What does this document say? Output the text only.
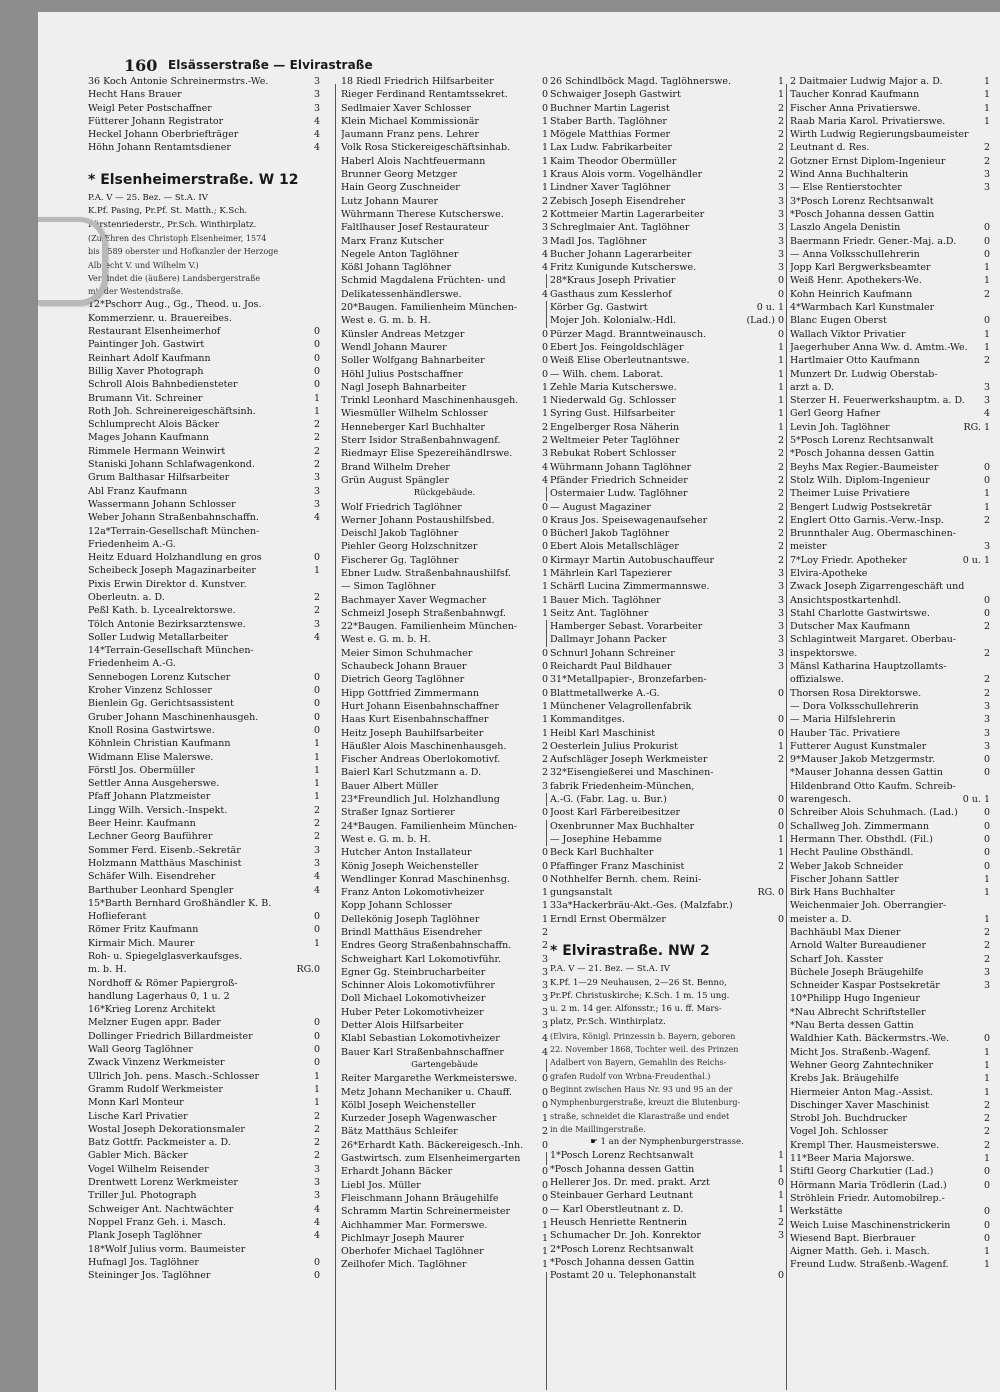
160 Elsässerstraße — Elvirastraße
36 Koch Antonie Schreinermstrs.-We.	3
Hecht Hans Brauer	3
Weigl Peter Postschaffner	3
Fütterer Johann Registrator	4
Heckel Johann Oberbriefträger	4
Höhn Johann Rentamtsdiener	4
* Elsenheimerstraße. W 12
P.A. V — 25. Bez. — St.A. IV
K.Pf. Pasing, Pr.Pf. St. Matth.; K.Sch.
Fürstenriederstr., Pr.Sch. Winthirplatz.
(Zu Ehren des Christoph Elsenheimer, 1574
bis 1589 oberster und Hofkanzler der Herzoge
Albrecht V. und Wilhelm V.)
Verbindet die (äußere) Landsbergerstraße
mit der Westendstraße.
12*Pschorr Aug., Gg., Theod. u. Jos.
Kommerzienr. u. Brauereibes.
Restaurant Elsenheimerhof	0
Paintinger Joh. Gastwirt	0
Reinhart Adolf Kaufmann	0
Billig Xaver Photograph	0
Schroll Alois Bahnbediensteter	0
Brumann Vit. Schreiner	1
Roth Joh. Schreinereigeschäftsinh.	1
Schlumprecht Alois Bäcker	2
Mages Johann Kaufmann	2
Rimmele Hermann Weinwirt	2
Staniski Johann Schlafwagenkond.	2
Grum Balthasar Hilfsarbeiter	3
Abl Franz Kaufmann	3
Wassermann Johann Schlosser	3
Weber Johann Straßenbahnschaffn.	4
12a*Terrain-Gesellschaft München-
Friedenheim A.-G.
Heitz Eduard Holzhandlung en gros	0
Scheibeck Joseph Magazinarbeiter	1
Pixis Erwin Direktor d. Kunstver.
Oberleutn. a. D.	2
Peßl Kath. b. Lycealrektorswe.	2
Tölch Antonie Bezirksarztenswe.	3
Soller Ludwig Metallarbeiter	4
14*Terrain-Gesellschaft München-
Friedenheim A.-G.
Sennebogen Lorenz Kutscher	0
Kroher Vinzenz Schlosser	0
Bienlein Gg. Gerichtsassistent	0
Gruber Johann Maschinenhausgeh.	0
Knoll Rosina Gastwirtswe.	0
Köhnlein Christian Kaufmann	1
Widmann Elise Malerswe.	1
Förstl Jos. Obermüller	1
Settler Anna Ausgeherswe.	1
Pfaff Johann Platzmeister	1
Lingg Wilh. Versich.-Inspekt.	2
Beer Heinr. Kaufmann	2
Lechner Georg Bauführer	2
Sommer Ferd. Eisenb.-Sekretär	3
Holzmann Matthäus Maschinist	3
Schäfer Wilh. Eisendreher	4
Barthuber Leonhard Spengler	4
15*Barth Bernhard Großhändler K. B.
Hoflieferant	0
Römer Fritz Kaufmann	0
Kirmair Mich. Maurer	1
Roh- u. Spiegelglasverkaufsges.
m. b. H.	RG.0
Nordhoff & Römer Papiergroß-
handlung Lagerhaus 0, 1 u. 2
16*Krieg Lorenz Architekt
Melzner Eugen appr. Bader	0
Dollinger Friedrich Billardmeister	0
Wall Georg Taglöhner	0
Zwack Vinzenz Werkmeister	0
Ullrich Joh. pens. Masch.-Schlosser	1
Gramm Rudolf Werkmeister	1
Monn Karl Monteur	1
Lische Karl Privatier	2
Wostal Joseph Dekorationsmaler	2
Batz Gottfr. Packmeister a. D.	2
Gabler Mich. Bäcker	2
Vogel Wilhelm Reisender	3
Drentwett Lorenz Werkmeister	3
Triller Jul. Photograph	3
Schweiger Ant. Nachtwächter	4
Noppel Franz Geh. i. Masch.	4
Plank Joseph Taglöhner	4
18*Wolf Julius vorm. Baumeister
Hufnagl Jos. Taglöhner	0
Steininger Jos. Taglöhner	0
18 Riedl Friedrich Hilfsarbeiter	0
Rieger Ferdinand Rentamtssekret.	0
Sedlmaier Xaver Schlosser	0
Klein Michael Kommissionär	1
Jaumann Franz pens. Lehrer	1
Volk Rosa Stickereigeschäftsinhab.	1
Haberl Alois Nachtfeuermann	1
Brunner Georg Metzger	1
Hain Georg Zuschneider	1
Lutz Johann Maurer	2
Wührmann Therese Kutscherswe.	2
Faltlhauser Josef Restaurateur	3
Marx Franz Kutscher	3
Negele Anton Taglöhner	4
Kößl Johann Taglöhner	4
Schmid Magdalena Früchten- und
Delikatessenhändlerswe.	4
20*Baugen. Familienheim München-
West e. G. m. b. H.
Künsler Andreas Metzger	0
Wendl Johann Maurer	0
Soller Wolfgang Bahnarbeiter	0
Höhl Julius Postschaffner	0
Nagl Joseph Bahnarbeiter	1
Trinkl Leonhard Maschinenhausgeh. 1
Wiesmüller Wilhelm Schlosser	1
Henneberger Karl Buchhalter	2
Sterr Isidor Straßenbahnwagenf.	2
Riedmayr Elise Spezereihändlrswe.	3
Brand Wilhelm Dreher	4
Grün August Spängler	4
Rückgebäude.
Wolf Friedrich Taglöhner	0
Werner Johann Postaushilfsbed.	0
Deischl Jakob Taglöhner	0
Piehler Georg Holzschnitzer	0
Fischerer Gg. Taglöhner	0
Ebner Ludw. Straßenbahnaushilfsf.	1
— Simon Taglöhner	1
Bachmayer Xaver Wegmacher	1
Schmeizl Joseph Straßenbahnwgf.	1
22*Baugen. Familienheim München-
West e. G. m. b. H.
Meier Simon Schuhmacher	0
Schaubeck Johann Brauer	0
Dietrich Georg Taglöhner	0
Hipp Gottfried Zimmermann	0
Hurt Johann Eisenbahnschaffner	1
Haas Kurt Eisenbahnschaffner	1
Heitz Joseph Bauhilfsarbeiter	1
Häußler Alois Maschinenhausgeh.	2
Fischer Andreas Oberlokomotivf.	2
Baierl Karl Schutzmann a. D.	2
Bauer Albert Müller	3
23*Freundlich Jul. Holzhandlung
Straßer Ignaz Sortierer	0
24*Baugen. Familienheim München-
West e. G. m. b. H.
Hutcher Anton Installateur	0
König Joseph Weichensteller	0
Wendlinger Konrad Maschinenhsg.	0
Franz Anton Lokomotivheizer	1
Kopp Johann Schlosser	1
Dellekönig Joseph Taglöhner	1
Brindl Matthäus Eisendreher	2
Endres Georg Straßenbahnschaffn.	2
Schweighart Karl Lokomotivführ.	3
Egner Gg. Steinbrucharbeiter	3
Schinner Alois Lokomotivführer	3
Doll Michael Lokomotivheizer	3
Huber Peter Lokomotivheizer	3
Detter Alois Hilfsarbeiter	3
Klabl Sebastian Lokomotivheizer	4
Bauer Karl Straßenbahnschaffner	4
Gartengebäude
Reiter Margarethe Werkmeisterswe.	0
Metz Johann Mechaniker u. Chauff.	0
Kölbl Joseph Weichensteller	0
Kurzeder Joseph Wagenwascher	1
Bätz Matthäus Schleifer	2
26*Erhardt Kath. Bäckereigesch.-Inh. 0
Gastwirtsch. zum Elsenheimergarten
Erhardt Johann Bäcker	0
Liebl Jos. Müller	0
Fleischmann Johann Bräugehilfe	0
Schramm Martin Schreinermeister	0
Aichhammer Mar. Formerswe.	1
Pichlmayr Joseph Maurer	1
Oberhofer Michael Taglöhner	1
Zeilhofer Mich. Taglöhner	1
26 Schindlböck Magd. Taglöhnerswe.	1
Schwaiger Joseph Gastwirt	1
Buchner Martin Lagerist	2
Staber Barth. Taglöhner	2
Mögele Matthias Former	2
Lax Ludw. Fabrikarbeiter	2
Kaim Theodor Obermüller	2
Kraus Alois vorm. Vogelhändler	2
Lindner Xaver Taglöhner	3
Zebisch Joseph Eisendreher	3
Kottmeier Martin Lagerarbeiter	3
Schreglmaier Ant. Taglöhner	3
Madl Jos. Taglöhner	3
Bucher Johann Lagerarbeiter	3
Fritz Kunigunde Kutscherswe.	3
28*Kraus Joseph Privatier	0
Gasthaus zum Kesslerhof	0
Körber Gg. Gastwirt	0 u. 1
Mojer Joh. Kolonialw.-Hdl.	(Lad.) 0
Pürzer Magd. Branntweinausch.	0
Ebert Jos. Feingoldschläger	1
Weiß Elise Oberleutnantswe.	1
— Wilh. chem. Laborat.	1
Zehle Maria Kutscherswe.	1
Niederwald Gg. Schlosser	1
Syring Gust. Hilfsarbeiter	1
Engelberger Rosa Näherin	1
Weltmeier Peter Taglöhner	2
Rebukat Robert Schlosser	2
Wührmann Johann Taglöhner	2
Pfänder Friedrich Schneider	2
Ostermaier Ludw. Taglöhner	2
— August Magaziner	2
Kraus Jos. Speisewagenaufseher	2
Bücherl Jakob Taglöhner	2
Ebert Alois Metallschläger	2
Kirmayr Martin Autobuschauffeur	2
Mährlein Karl Tapezierer	3
Schärfl Lucina Zimmermannswe.	3
Bauer Mich. Taglöhner	3
Seitz Ant. Taglöhner	3
Hamberger Sebast. Vorarbeiter	3
Dallmayr Johann Packer	3
Schnurl Johann Schreiner	3
Reichardt Paul Bildhauer	3
31*Metallpapier-, Bronzefarben-
Blattmetallwerke A.-G.	0
Münchener Velagrollenfabrik
Kommanditges.	0
Heibl Karl Maschinist	0
Oesterlein Julius Prokurist	1
Aufschläger Joseph Werkmeister	2
32*Eisengießerei und Maschinen-
fabrik Friedenheim-München,
A.-G. (Fabr. Lag. u. Bur.)	0
Joost Karl Färbereibesitzer	0
Oxenbrunner Max Buchhalter	0
— Josephine Hebamme	1
Beck Karl Buchhalter	1
Pfaffinger Franz Maschinist	2
Nothhelfer Bernh. chem. Reini-
gungsanstalt	RG. 0
33a*Hackerbräu-Akt.-Ges. (Malzfabr.)
Erndl Ernst Obermälzer	0
* Elvirastraße. NW 2
P.A. V — 21. Bez. — St.A. IV
K.Pf. 1—29 Neuhausen, 2—26 St. Benno,
Pr.Pf. Christuskirche; K.Sch. 1 m. 15 ung.
u. 2 m. 14 ger. Alfonsstr.; 16 u. ff. Mars-
platz, Pr.Sch. Winthirplatz.
(Elvira, Königl. Prinzessin b. Bayern, geboren
22. November 1868, Tochter weil. des Prinzen
Adalbert von Bayern, Gemahlin des Reichs-
grafen Rudolf von Wrbna-Freudenthal.)
Beginnt zwischen Haus Nr. 93 und 95 an der
Nymphenburgerstraße, kreuzt die Blutenburg-
straße, schneidet die Klarastraße und endet
in die Maillingerstraße.
☛ 1 an der Nymphenburgerstrasse.
1*Posch Lorenz Rechtsanwalt	1
*Posch Johanna dessen Gattin	1
Hellerer Jos. Dr. med. prakt. Arzt	0
Steinbauer Gerhard Leutnant	1
— Karl Oberstleutnant z. D.	1
Heusch Henriette Rentnerin	2
Schumacher Dr. Joh. Konrektor	3
2*Posch Lorenz Rechtsanwalt
*Posch Johanna dessen Gattin
Postamt 20 u. Telephonanstalt	0
2 Daitmaier Ludwig Major a. D.	1
Taucher Konrad Kaufmann	1
Fischer Anna Privatierswe.	1
Raab Maria Karol. Privatierswe.	1
Wirth Ludwig Regierungsbaumeister
Leutnant d. Res.	2
Gotzner Ernst Diplom-Ingenieur	2
Wind Anna Buchhalterin	3
— Else Rentierstochter	3
3*Posch Lorenz Rechtsanwalt
*Posch Johanna dessen Gattin
Laszlo Angela Denistin	0
Baermann Friedr. Gener.-Maj. a.D.	0
— Anna Volksschullehrerin	0
Jopp Karl Bergwerksbeamter	1
Weiß Henr. Apothekers-We.	1
Kohn Heinrich Kaufmann	2
4*Warmbach Karl Kunstmaler
Blanc Eugen Oberst	0
Wallach Viktor Privatier	1
Jaegerhuber Anna Ww. d. Amtm.-We. 1
Hartlmaier Otto Kaufmann	2
Munzert Dr. Ludwig Oberstab-
arzt a. D.	3
Sterzer H. Feuerwerkshauptm. a. D. 3
Gerl Georg Hafner	4
Levin Joh. Taglöhner	RG. 1
5*Posch Lorenz Rechtsanwalt
*Posch Johanna dessen Gattin
Beyhs Max Regier.-Baumeister	0
Stolz Wilh. Diplom-Ingenieur	0
Theimer Luise Privatiere	1
Bengert Ludwig Postsekretär	1
Englert Otto Garnis.-Verw.-Insp.	2
Brunnthaler Aug. Obermaschinen-
meister	3
7*Loy Friedr. Apotheker	0 u. 1
Elvira-Apotheke
Zwack Joseph Zigarrengeschäft und
Ansichtspostkartenhdl.	0
Stahl Charlotte Gastwirtswe.	0
Dutscher Max Kaufmann	2
Schlagintweit Margaret. Oberbau-
inspektorswe.	2
Mänsl Katharina Hauptzollamts-
offizialswe.	2
Thorsen Rosa Direktorswe.	2
— Dora Volksschullehrerin	3
— Maria Hilfslehrerin	3
Hauber Täc. Privatiere	3
Futterer August Kunstmaler	3
9*Mauser Jakob Metzgermstr.	0
*Mauser Johanna dessen Gattin	0
Hildenbrand Otto Kaufm. Schreib-
warengesch.	0 u. 1
Schreiber Alois Schuhmach. (Lad.)	0
Schallweg Joh. Zimmermann	0
Hermann Ther. Obsthdl. (Fil.)	0
Hecht Pauline Obsthändl.	0
Weber Jakob Schneider	0
Fischer Johann Sattler	1
Birk Hans Buchhalter	1
Weichenmaier Joh. Oberrangier-
meister a. D.	1
Bachhäubl Max Diener	2
Arnold Walter Bureaudiener	2
Scharf Joh. Kasster	2
Büchele Joseph Bräugehilfe	3
Schneider Kaspar Postsekretär	3
10*Philipp Hugo Ingenieur
*Nau Albrecht Schriftsteller
*Nau Berta dessen Gattin
Waldhier Kath. Bäckermstrs.-We.	0
Micht Jos. Straßenb.-Wagenf.	1
Wehner Georg Zahntechniker	1
Krebs Jak. Bräugehilfe	1
Hiermeier Anton Mag.-Assist.	1
Dischinger Xaver Maschinist	2
Strobl Joh. Buchdrucker	2
Vogel Joh. Schlosser	2
Krempl Ther. Hausmeisterswe.	2
11*Beer Maria Majorswe.	1
Stiftl Georg Charkutier (Lad.)	0
Hörmann Maria Trödlerin (Lad.)	0
Ströhlein Friedr. Automobilrep.-
Werkstätte	0
Weich Luise Maschinenstrickerin	0
Wiesend Bapt. Bierbrauer	0
Aigner Matth. Geh. i. Masch.	1
Freund Ludw. Straßenb.-Wagenf.	1
